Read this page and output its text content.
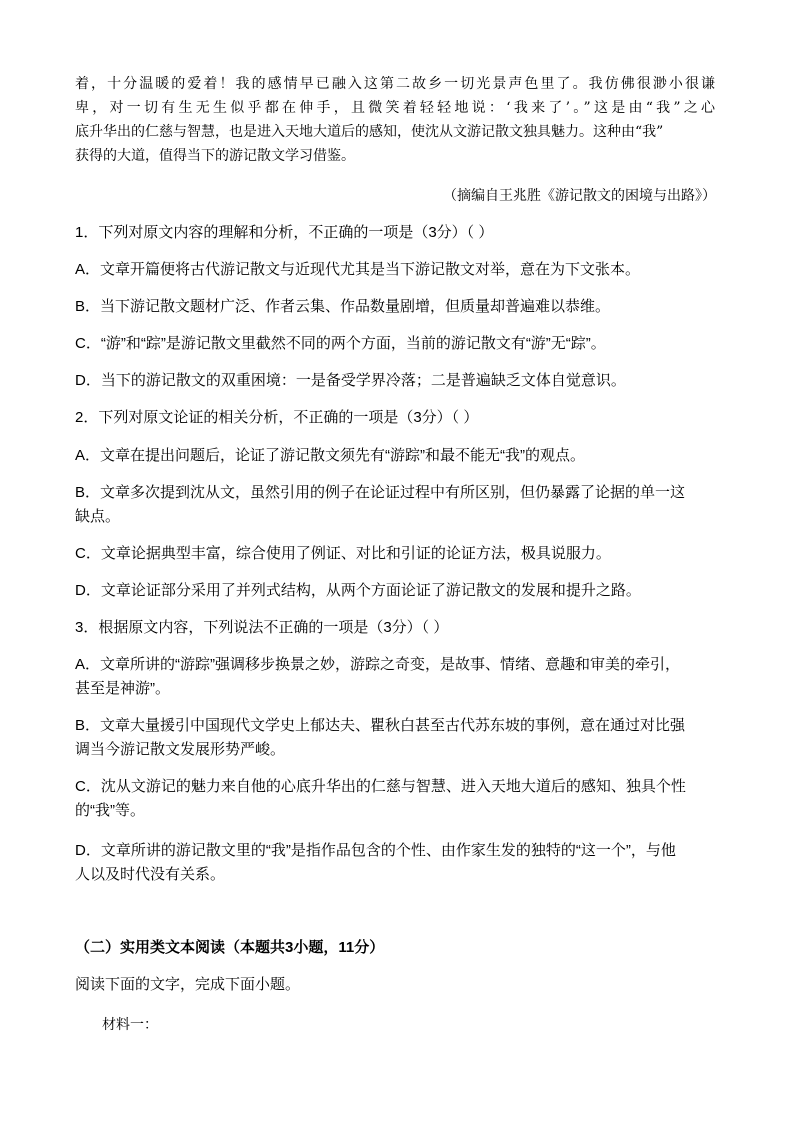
着，十分温暖的爱着！我的感情早已融入这第二故乡一切光景声色里了。我仿佛很渺小很谦
卑，对一切有生无生似乎都在伸手，且微笑着轻轻地说：‘我来了’。”这是由“我”之心
底升华出的仁慈与智慧，也是进入天地大道后的感知，使沈从文游记散文独具魅力。这种由“我”
获得的大道，值得当下的游记散文学习借鉴。
（摘编自王兆胜《游记散文的困境与出路》）
1．下列对原文内容的理解和分析，不正确的一项是（3分）（ ）
A．文章开篇便将古代游记散文与近现代尤其是当下游记散文对举，意在为下文张本。
B．当下游记散文题材广泛、作者云集、作品数量剧增，但质量却普遍难以恭维。
C．“游”和“踪”是游记散文里截然不同的两个方面，当前的游记散文有“游”无“踪”。
D．当下的游记散文的双重困境：一是备受学界冷落；二是普遍缺乏文体自觉意识。
2．下列对原文论证的相关分析，不正确的一项是（3分）（ ）
A．文章在提出问题后，论证了游记散文须先有“游踪”和最不能无“我”的观点。
B．文章多次提到沈从文，虽然引用的例子在论证过程中有所区别，但仍暴露了论据的单一这
缺点。
C．文章论据典型丰富，综合使用了例证、对比和引证的论证方法，极具说服力。
D．文章论证部分采用了并列式结构，从两个方面论证了游记散文的发展和提升之路。
3．根据原文内容，下列说法不正确的一项是（3分）（ ）
A．文章所讲的“游踪”强调移步换景之妙，游踪之奇变，是故事、情绪、意趣和审美的牵引，
甚至是神游”。
B．文章大量援引中国现代文学史上郁达夫、瞿秋白甚至古代苏东坡的事例，意在通过对比强
调当今游记散文发展形势严峻。
C．沈从文游记的魅力来自他的心底升华出的仁慈与智慧、进入天地大道后的感知、独具个性
的“我”等。
D．文章所讲的游记散文里的“我”是指作品包含的个性、由作家生发的独特的“这一个”，与他
人以及时代没有关系。
（二）实用类文本阅读（本题共3小题，11分）
阅读下面的文字，完成下面小题。
材料一：
